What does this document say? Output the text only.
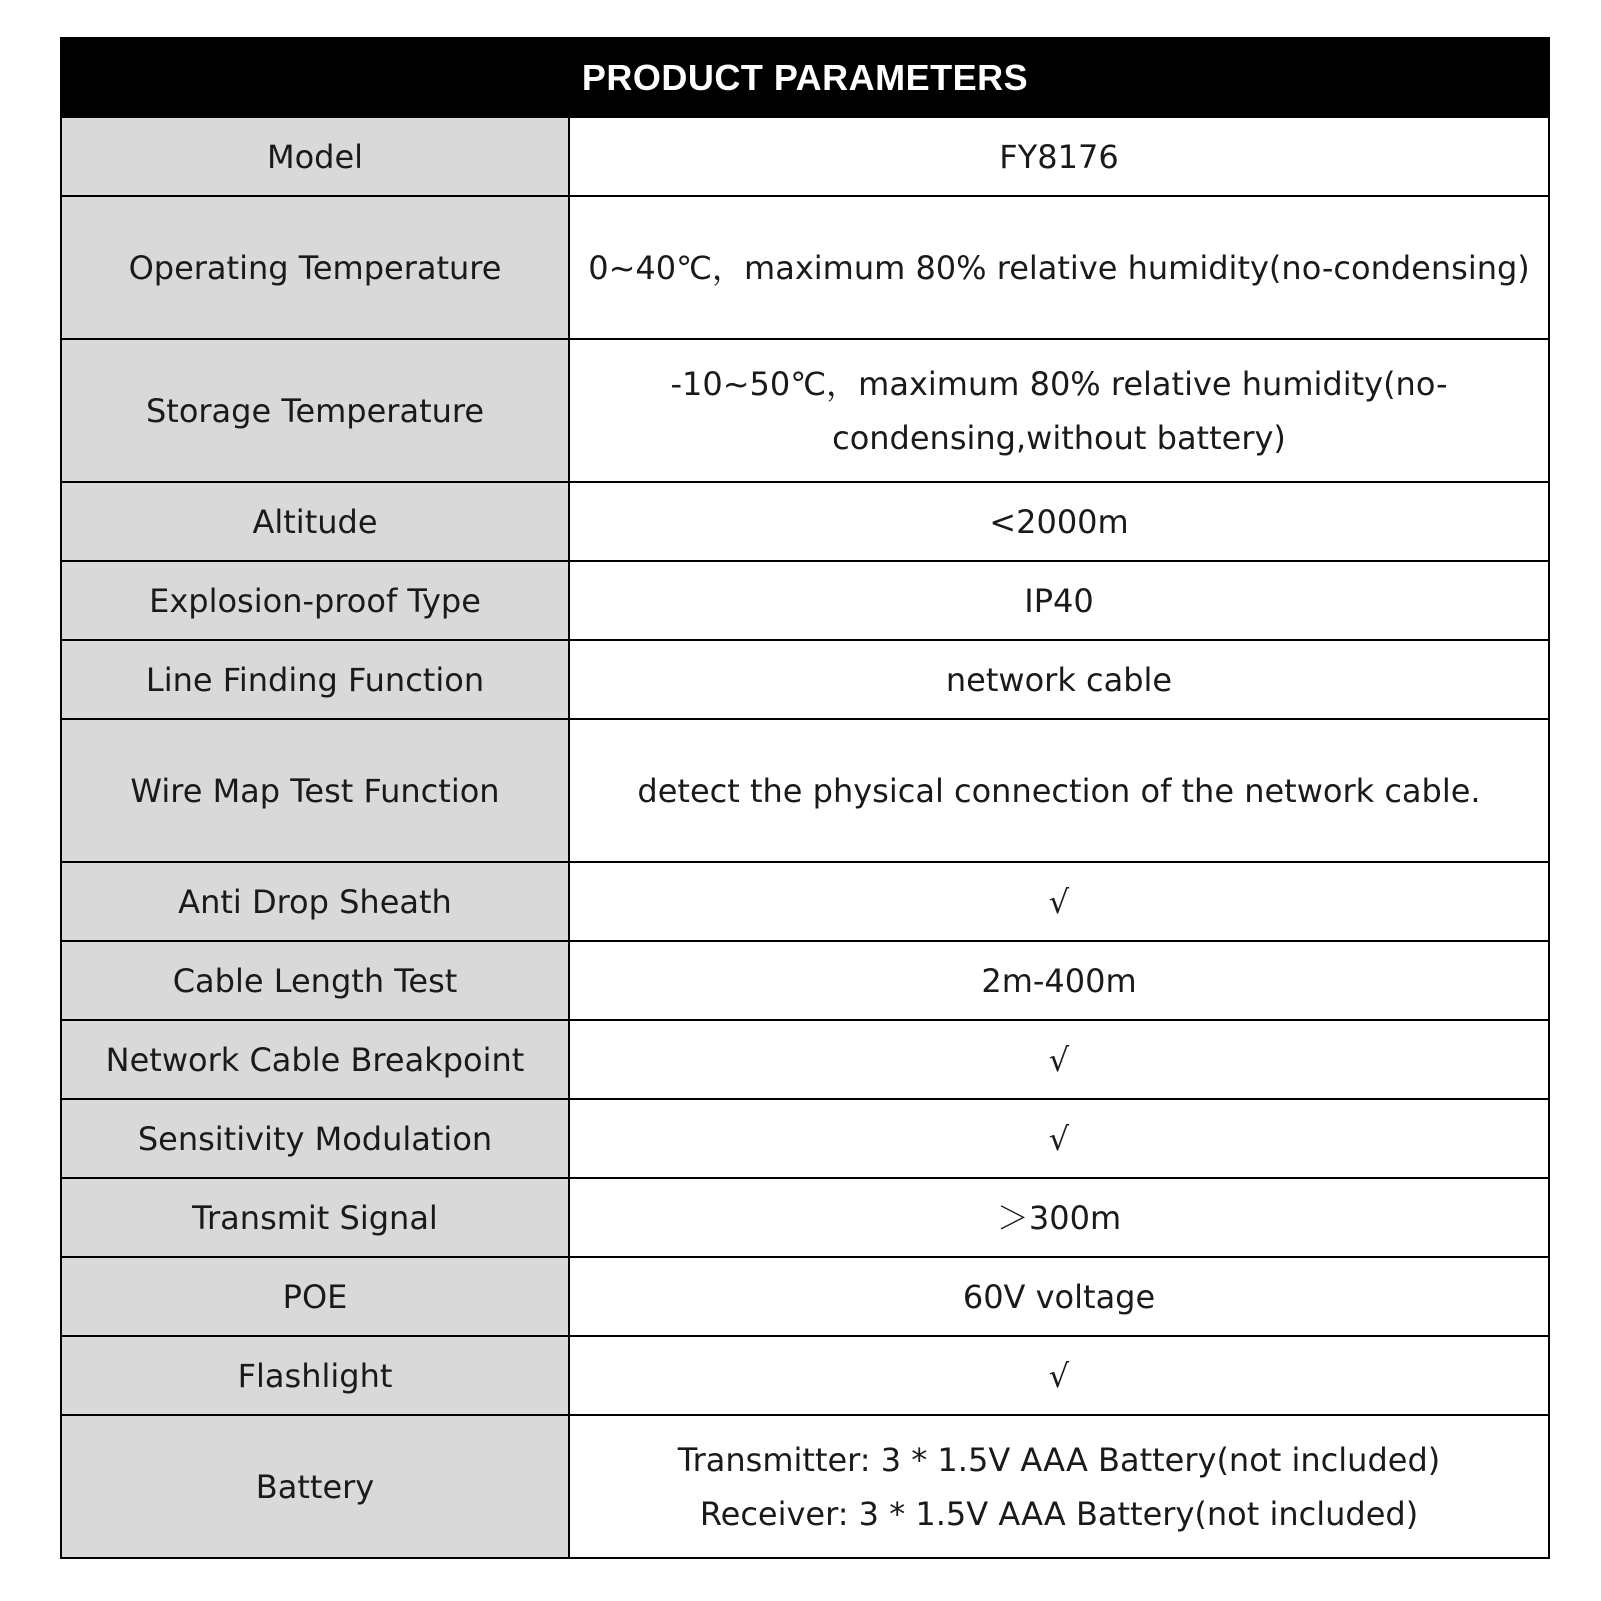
PRODUCT PARAMETERS	
Model	FY8176

Operating Temperature	0~40℃，maximum 80% relative humidity(no-condensing)

Storage Temperature	-10~50℃，maximum 80% relative humidity(no-
condensing,without battery)

Altitude	<2000m

Explosion-proof Type	IP40

Line Finding Function	network cable

Wire Map Test Function	detect the physical connection of the network cable.

Anti Drop Sheath	√

Cable Length Test	2m-400m

Network Cable Breakpoint	√

Sensitivity Modulation	√

Transmit Signal	＞300m

POE	60V voltage

Flashlight	√

Battery	Transmitter: 3 * 1.5V AAA Battery(not included)
Receiver: 3 * 1.5V AAA Battery(not included)
